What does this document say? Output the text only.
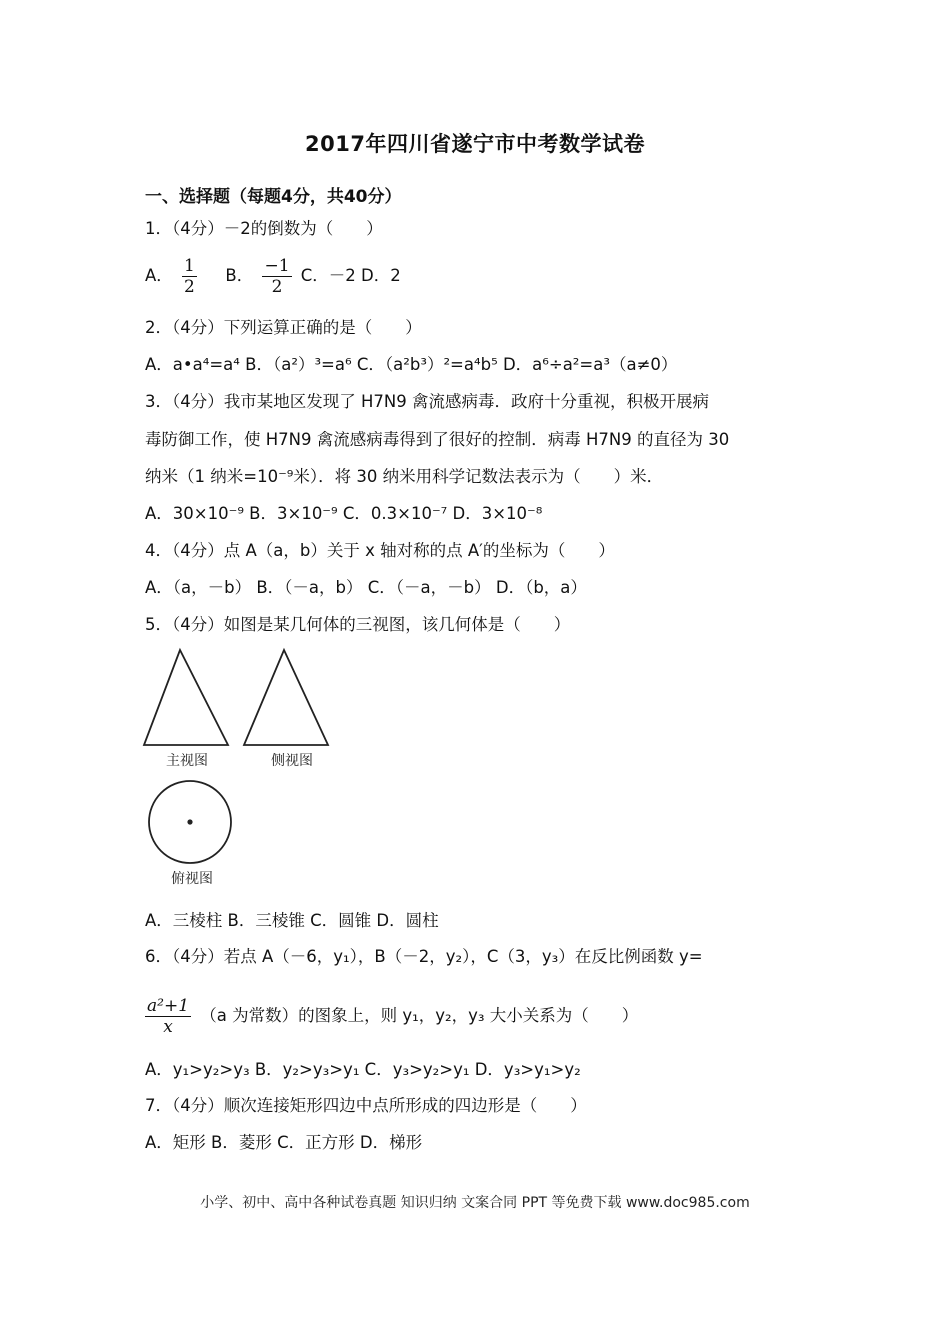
2017年四川省遂宁市中考数学试卷
一、选择题（每题4分，共40分）
1．（4分）－2的倒数为（　　）
A． $\frac{1}{2}$ B． $\frac{-1}{2}$ C．－2 D．2
2．（4分）下列运算正确的是（　　）
A．a•a⁴=a⁴ B．（a²）³=a⁶ C．（a²b³）²=a⁴b⁵ D．a⁶÷a²=a³（a≠0）
3．（4分）我市某地区发现了 H7N9 禽流感病毒．政府十分重视，积极开展病
毒防御工作，使 H7N9 禽流感病毒得到了很好的控制．病毒 H7N9 的直径为 30
纳米（1 纳米=10⁻⁹米）．将 30 纳米用科学记数法表示为（　　）米．
A．30×10⁻⁹ B．3×10⁻⁹ C．0.3×10⁻⁷ D．3×10⁻⁸
4．（4分）点 A（a，b）关于 x 轴对称的点 A′的坐标为（　　）
A．（a，－b） B．（－a，b） C．（－a，－b） D．（b，a）
5．（4分）如图是某几何体的三视图，该几何体是（　　）
主视图	侧视图
俯视图
A．三棱柱 B．三棱锥 C．圆锥 D．圆柱
6．（4分）若点 A（－6，y₁），B（－2，y₂），C（3，y₃）在反比例函数 y=
$\frac{\text{a²+1}}{x} (a$ 为常数）的图象上，则 y₁，y₂，y₃ 大小关系为（　　）
A．y₁>y₂>y₃ B．y₂>y₃>y₁ C．y₃>y₂>y₁ D．y₃>y₁>y₂
7．（4分）顺次连接矩形四边中点所形成的四边形是（　　）
A．矩形 B．菱形 C．正方形 D．梯形
小学、初中、高中各种试卷真题 知识归纳 文案合同 PPT 等免费下载 www.doc985.com
